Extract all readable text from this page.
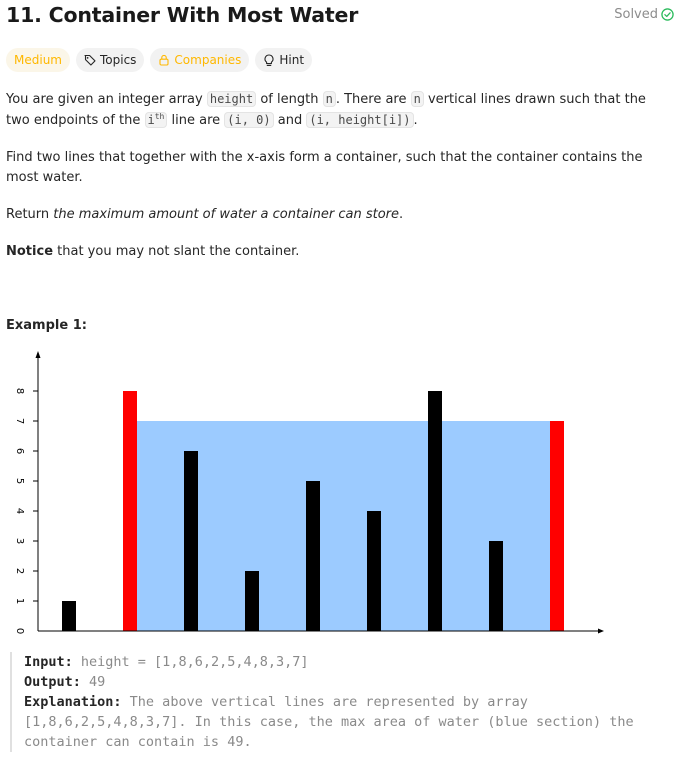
11. Container With Most Water	Solved
Medium	Topics	Companies	Hint

You are given an integer array height of length n . There are n vertical lines drawn such that the two endpoints of the $i^{th}$ line are (i, 0) and (i, height[i]) .

Find two lines that together with the x-axis form a container, such that the container contains the most water.

Return the maximum amount of water a container can store.

Notice that you may not slant the container.

Example 1:

0
1
2
3
4
5
6
7
8
Input: height = [1,8,6,2,5,4,8,3,7]
Output: 49
Explanation: The above vertical lines are represented by array [1,8,6,2,5,4,8,3,7]. In this case, the max area of water (blue section) the container can contain is 49.
